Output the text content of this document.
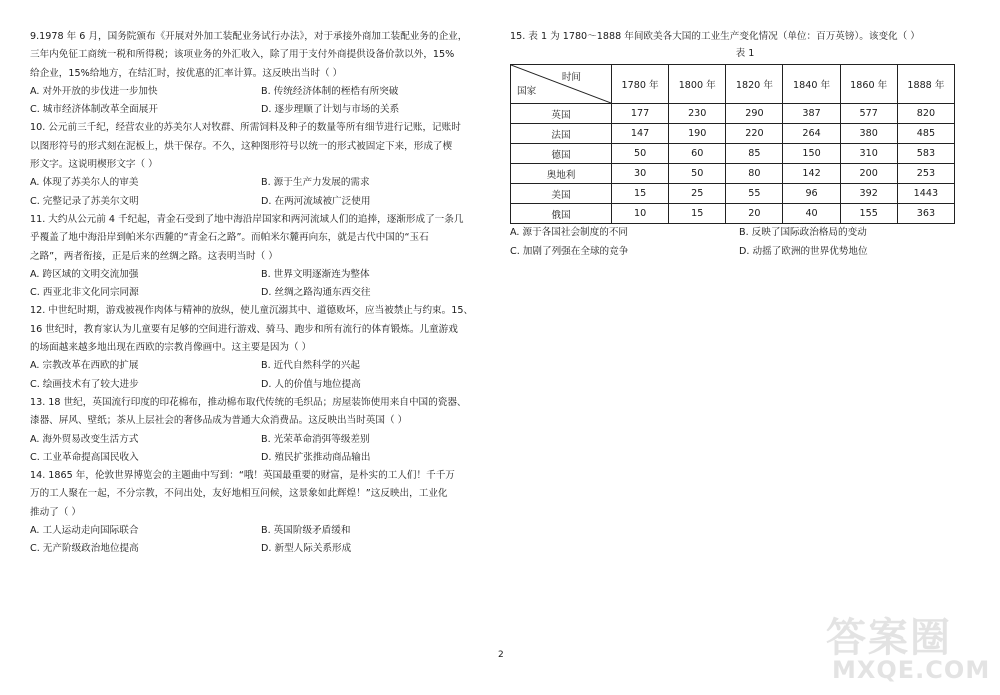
9.1978 年 6 月，国务院颁布《开展对外加工装配业务试行办法》，对于承接外商加工装配业务的企业，
三年内免征工商统一税和所得税；该项业务的外汇收入，除了用于支付外商提供设备价款以外，15%
给企业，15%给地方，在结汇时，按优惠的汇率计算。这反映出当时（ ）
A. 对外开放的步伐进一步加快	B. 传统经济体制的桎梏有所突破
C. 城市经济体制改革全面展开	D. 逐步理顺了计划与市场的关系
10. 公元前三千纪，经营农业的苏美尔人对牧群、所需饲料及种子的数量等所有细节进行记账，记账时
以图形符号的形式刻在泥板上，烘干保存。不久，这种图形符号以统一的形式被固定下来，形成了楔
形文字。这说明楔形文字（ ）
A. 体现了苏美尔人的审美	B. 源于生产力发展的需求
C. 完整记录了苏美尔文明	D. 在两河流域被广泛使用
11. 大约从公元前 4 千纪起，青金石受到了地中海沿岸国家和两河流域人们的追捧，逐渐形成了一条几
乎覆盖了地中海沿岸到帕米尔西麓的“青金石之路”。而帕米尔麓再向东，就是古代中国的“玉石
之路”，两者衔接，正是后来的丝绸之路。这表明当时（ ）
A. 跨区域的文明交流加强	B. 世界文明逐渐连为整体
C. 西亚北非文化同宗同源	D. 丝绸之路沟通东西交往
12. 中世纪时期，游戏被视作肉体与精神的放纵，使儿童沉溺其中、道德败坏，应当被禁止与约束。15、
16 世纪时，教育家认为儿童要有足够的空间进行游戏、骑马、跑步和所有流行的体育锻炼。儿童游戏
的场面越来越多地出现在西欧的宗教肖像画中。这主要是因为（ ）
A. 宗教改革在西欧的扩展	B. 近代自然科学的兴起
C. 绘画技术有了较大进步	D. 人的价值与地位提高
13. 18 世纪，英国流行印度的印花棉布，推动棉布取代传统的毛织品；房屋装饰使用来自中国的瓷器、
漆器、屏风、壁纸；茶从上层社会的奢侈品成为普通大众消费品。这反映出当时英国（ ）
A. 海外贸易改变生活方式	B. 光荣革命消弭等级差别
C. 工业革命提高国民收入	D. 殖民扩张推动商品输出
14. 1865 年，伦敦世界博览会的主题曲中写到：“哦！英国最重要的财富，是朴实的工人们！千千万
万的工人聚在一起，不分宗教，不问出处，友好地相互问候，这景象如此辉煌！”这反映出，工业化
推动了（ ）
A. 工人运动走向国际联合	B. 英国阶级矛盾缓和
C. 无产阶级政治地位提高	D. 新型人际关系形成
15. 表 1 为 1780～1888 年间欧美各大国的工业生产变化情况（单位：百万英镑）。该变化（ ）
表 1
时间
国家	1780 年	1800 年	1820 年	1840 年	1860 年	1888 年
英国	177	230	290	387	577	820
法国	147	190	220	264	380	485
德国	50	60	85	150	310	583
奥地利	30	50	80	142	200	253
美国	15	25	55	96	392	1443
俄国	10	15	20	40	155	363
A. 源于各国社会制度的不同	B. 反映了国际政治格局的变动
C. 加剧了列强在全球的竞争	D. 动摇了欧洲的世界优势地位
2	答案圈
MXQE.COM
